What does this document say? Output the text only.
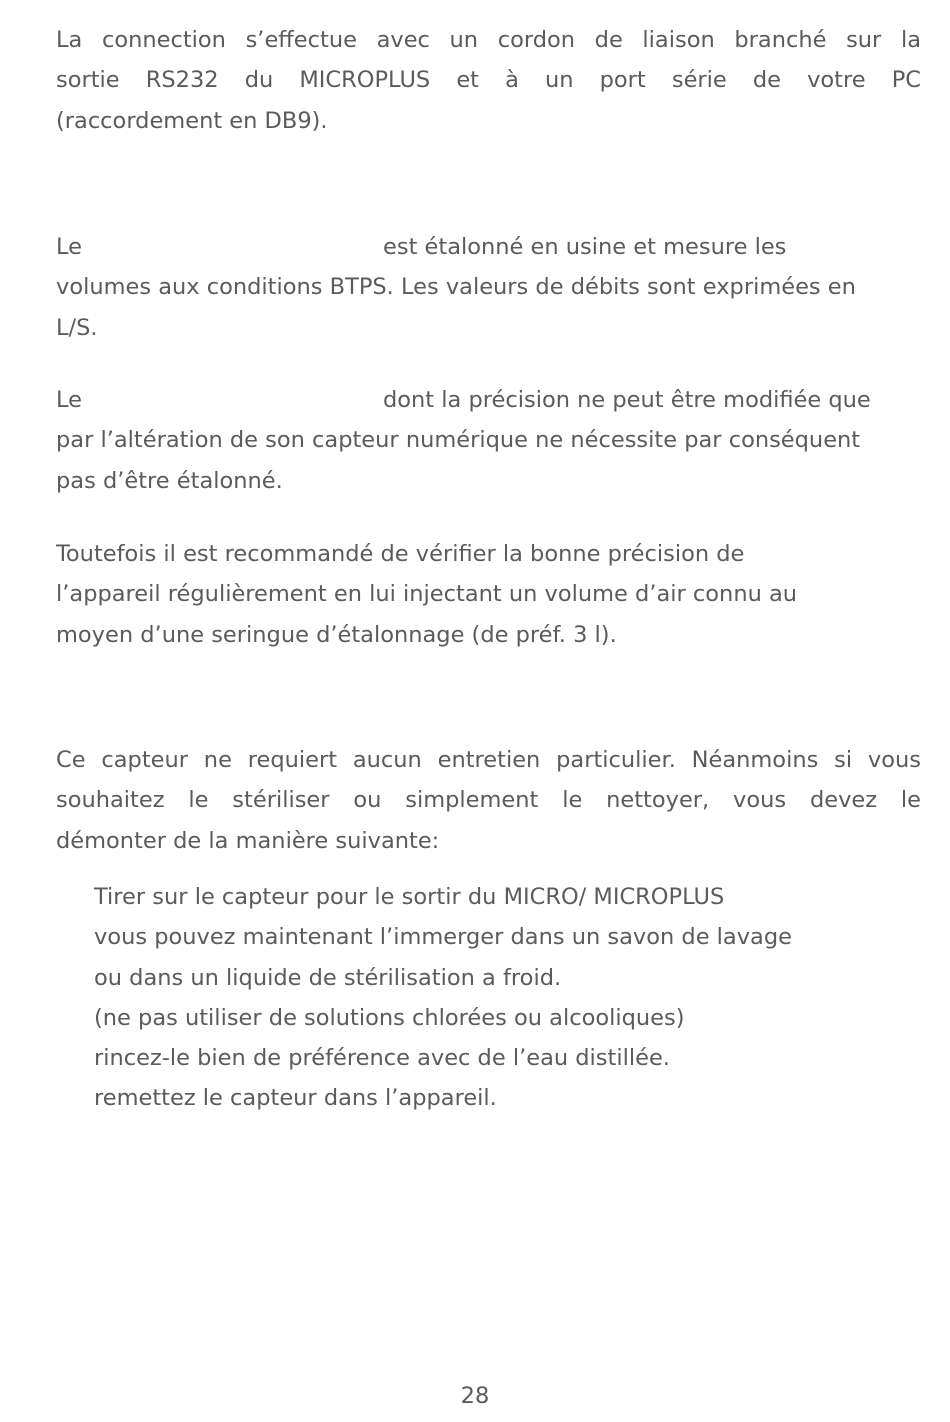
La connection s’effectue avec un cordon de liaison branché sur la
sortie RS232 du MICROPLUS et à un port série de votre PC
(raccordement en DB9).
Le	est étalonné en usine et mesure les
volumes aux conditions BTPS. Les valeurs de débits sont exprimées en
L/S.
Le	dont la précision ne peut être modifiée que
par l’altération de son capteur numérique ne nécessite par conséquent
pas d’être étalonné.
Toutefois il est recommandé de vérifier la bonne précision de
l’appareil régulièrement en lui injectant un volume d’air connu au
moyen d’une seringue d’étalonnage (de préf. 3 l).
Ce capteur ne requiert aucun entretien particulier. Néanmoins si vous
souhaitez le stériliser ou simplement le nettoyer, vous devez le
démonter de la manière suivante:
Tirer sur le capteur pour le sortir du MICRO/ MICROPLUS
vous pouvez maintenant l’immerger dans un savon de lavage
ou dans un liquide de stérilisation a froid.
(ne pas utiliser de solutions chlorées ou alcooliques)
rincez-le bien de préférence avec de l’eau distillée.
remettez le capteur dans l’appareil.

28
